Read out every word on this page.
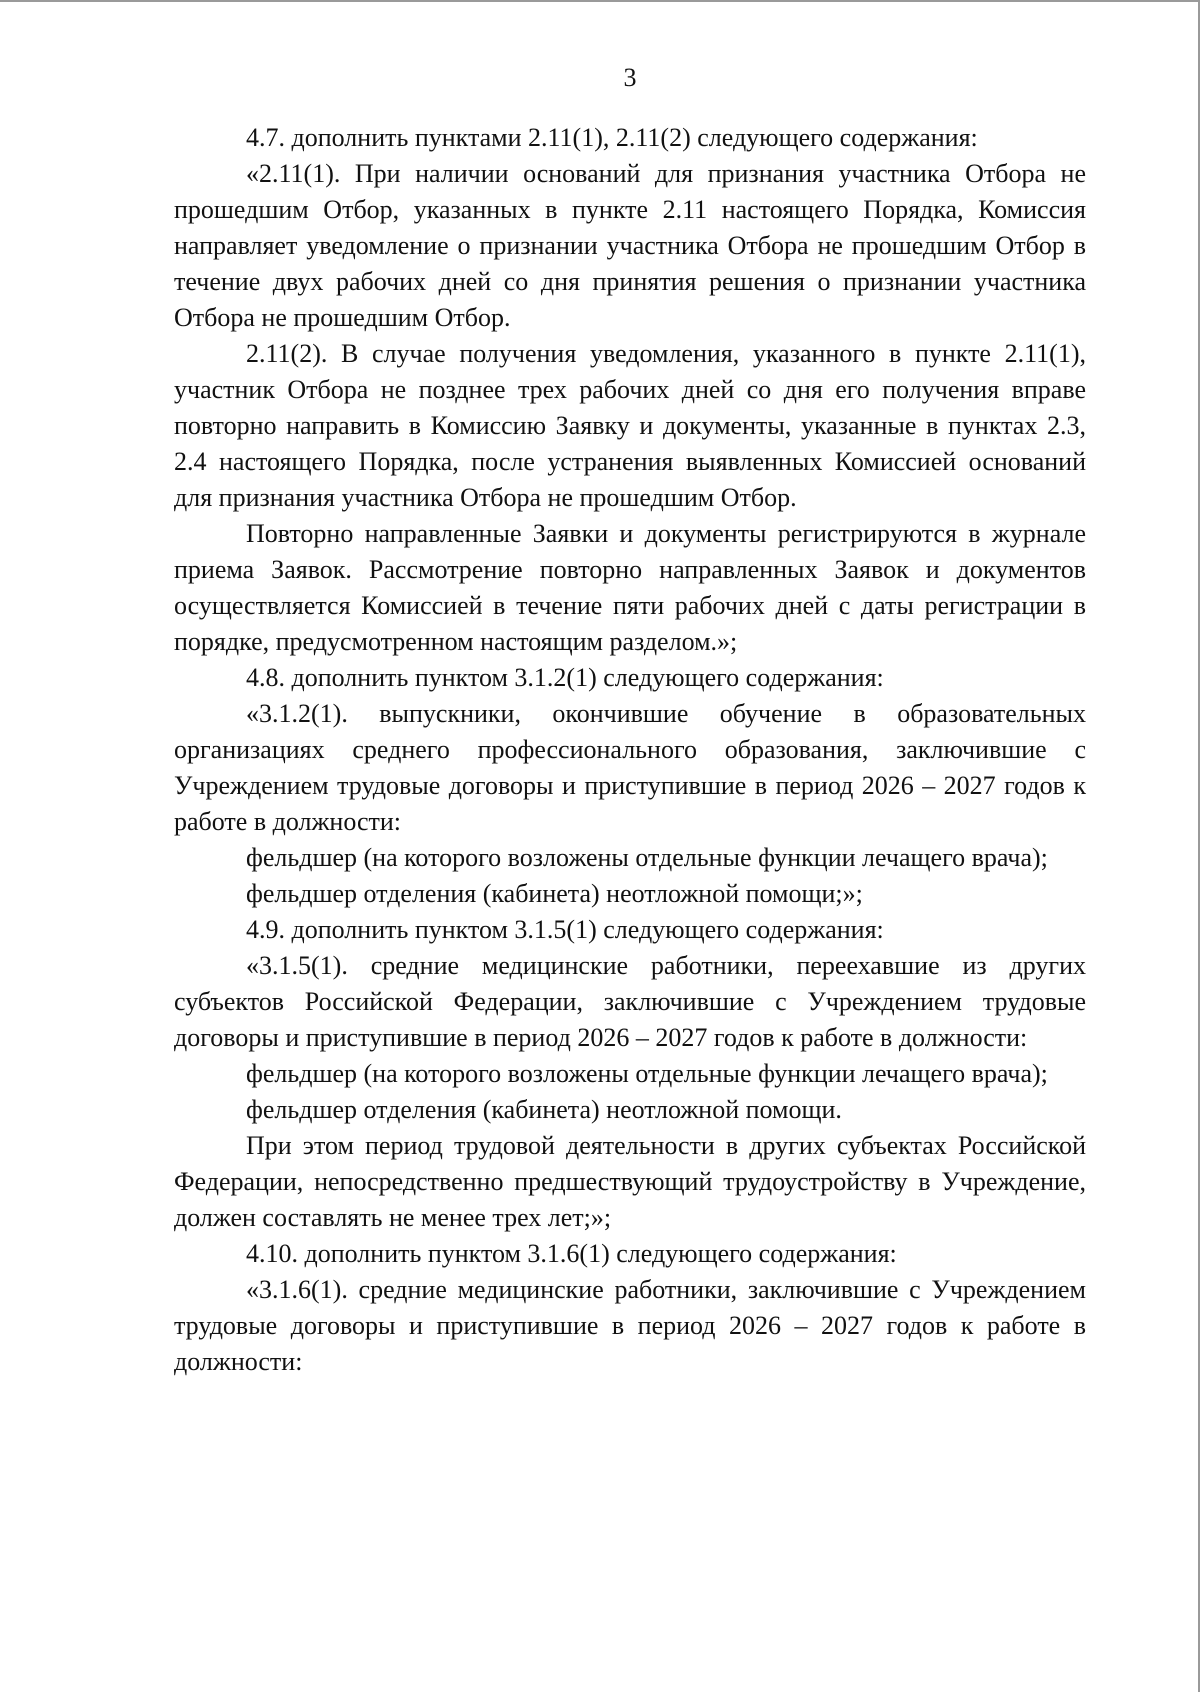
3

4.7. дополнить пунктами 2.11(1), 2.11(2) следующего содержания:

«2.11(1). При наличии оснований для признания участника Отбора не прошедшим Отбор, указанных в пункте 2.11 настоящего Порядка, Комиссия направляет уведомление о признании участника Отбора не прошедшим Отбор в течение двух рабочих дней со дня принятия решения о признании участника Отбора не прошедшим Отбор.

2.11(2). В случае получения уведомления, указанного в пункте 2.11(1), участник Отбора не позднее трех рабочих дней со дня его получения вправе повторно направить в Комиссию Заявку и документы, указанные в пунктах 2.3, 2.4 настоящего Порядка, после устранения выявленных Комиссией оснований для признания участника Отбора не прошедшим Отбор.

Повторно направленные Заявки и документы регистрируются в журнале приема Заявок. Рассмотрение повторно направленных Заявок и документов осуществляется Комиссией в течение пяти рабочих дней с даты регистрации в порядке, предусмотренном настоящим разделом.»;

4.8. дополнить пунктом 3.1.2(1) следующего содержания:

«3.1.2(1). выпускники, окончившие обучение в образовательных организациях среднего профессионального образования, заключившие с Учреждением трудовые договоры и приступившие в период 2026 – 2027 годов к работе в должности:

фельдшер (на которого возложены отдельные функции лечащего врача);

фельдшер отделения (кабинета) неотложной помощи;»;

4.9. дополнить пунктом 3.1.5(1) следующего содержания:

«3.1.5(1). средние медицинские работники, переехавшие из других субъектов Российской Федерации, заключившие с Учреждением трудовые договоры и приступившие в период 2026 – 2027 годов к работе в должности:

фельдшер (на которого возложены отдельные функции лечащего врача);

фельдшер отделения (кабинета) неотложной помощи.

При этом период трудовой деятельности в других субъектах Российской Федерации, непосредственно предшествующий трудоустройству в Учреждение, должен составлять не менее трех лет;»;

4.10. дополнить пунктом 3.1.6(1) следующего содержания:

«3.1.6(1). средние медицинские работники, заключившие с Учреждением трудовые договоры и приступившие в период 2026 – 2027 годов к работе в должности:
